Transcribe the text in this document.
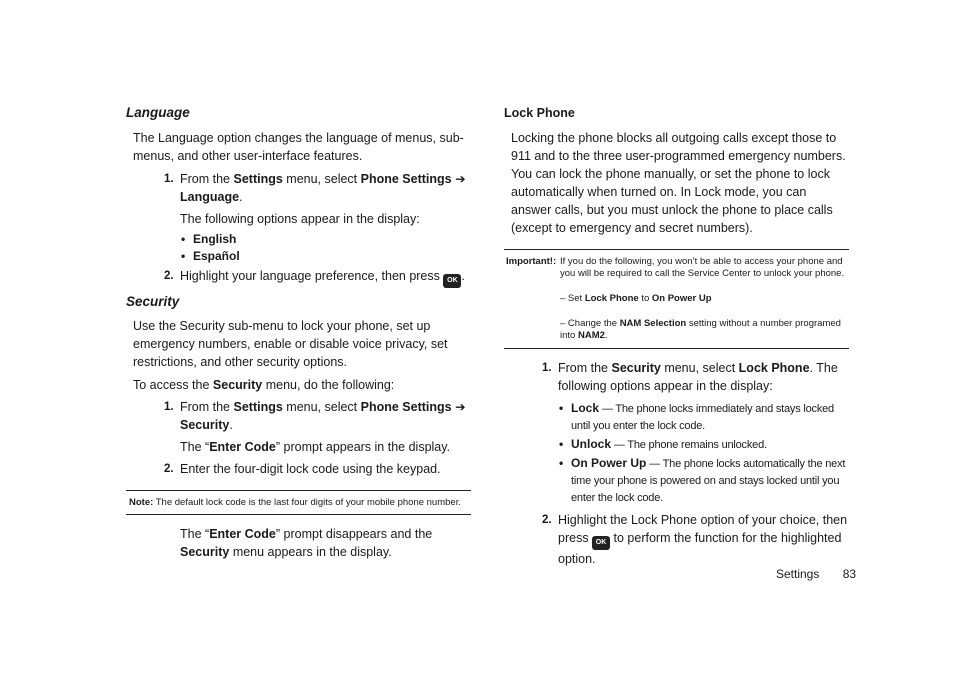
Language

The Language option changes the language of menus, sub-menus, and other user-interface features.

1. From the Settings menu, select Phone Settings ➔ Language.
The following options appear in the display:
• English
• Español
2. Highlight your language preference, then press OK .
Security

Use the Security sub-menu to lock your phone, set up emergency numbers, enable or disable voice privacy, set restrictions, and other security options.

To access the Security menu, do the following:

1. From the Settings menu, select Phone Settings ➔ Security.
The “Enter Code” prompt appears in the display.
2. Enter the four-digit lock code using the keypad.
Note: The default lock code is the last four digits of your mobile phone number.
The “Enter Code” prompt disappears and the Security menu appears in the display.
Lock Phone

Locking the phone blocks all outgoing calls except those to 911 and to the three user-programmed emergency numbers. You can lock the phone manually, or set the phone to lock automatically when turned on. In Lock mode, you can answer calls, but you must unlock the phone to place calls (except to emergency and secret numbers).

Important!: If you do the following, you won’t be able to access your phone and you will be required to call the Service Center to unlock your phone.

– Set Lock Phone to On Power Up

– Change the NAM Selection setting without a number programed into NAM2.

1. From the Security menu, select Lock Phone. The following options appear in the display:
• Lock — The phone locks immediately and stays locked until you enter the lock code.
• Unlock — The phone remains unlocked.
• On Power Up — The phone locks automatically the next time your phone is powered on and stays locked until you enter the lock code.
2. Highlight the Lock Phone option of your choice, then press OK to perform the function for the highlighted option.
Settings 83
